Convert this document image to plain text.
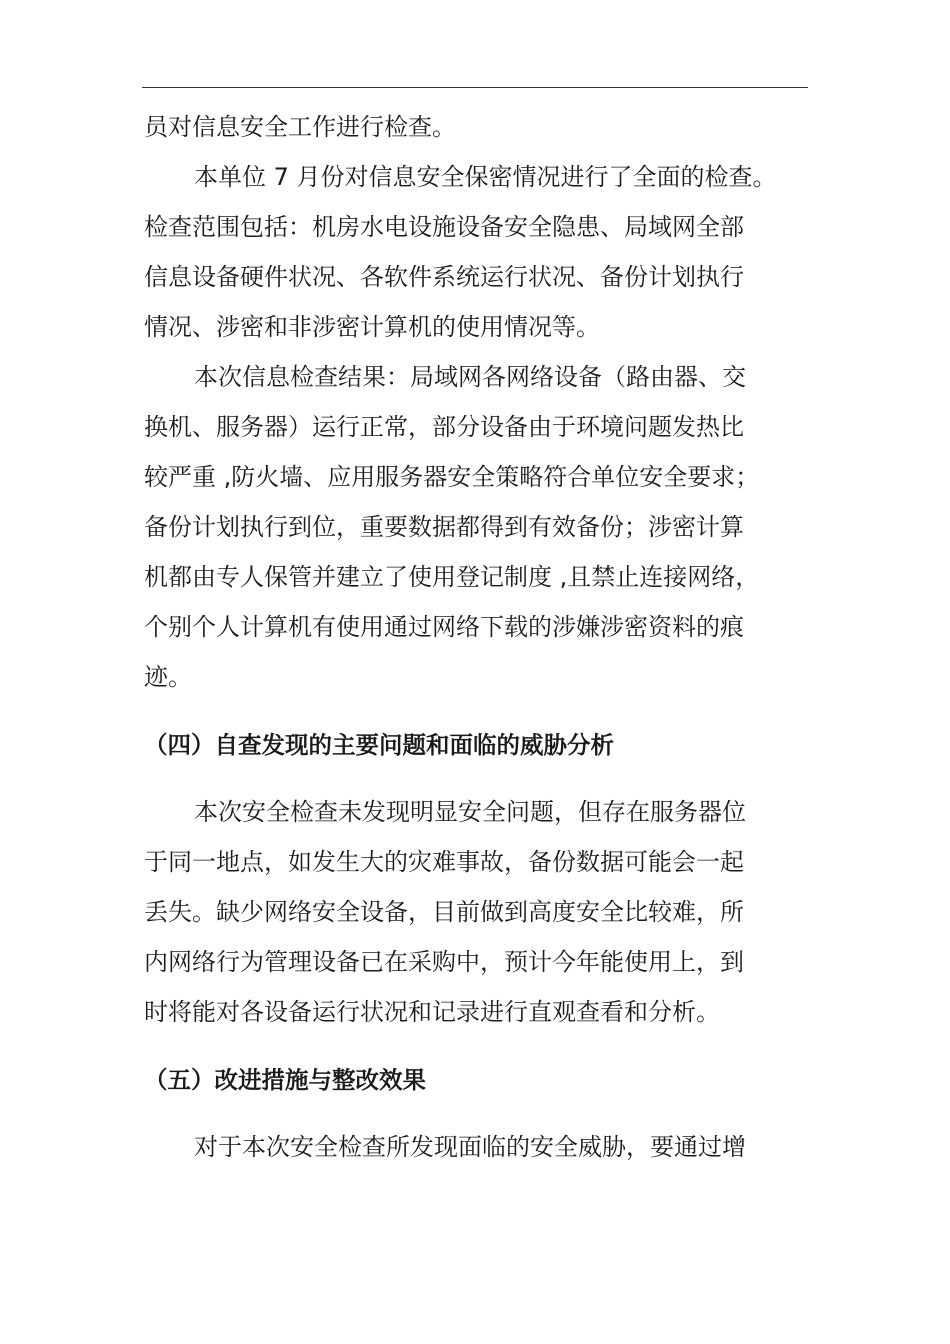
员对信息安全工作进行检查。
本单位 7 月份对信息安全保密情况进行了全面的检查。
检查范围包括：机房水电设施设备安全隐患、局域网全部
信息设备硬件状况、各软件系统运行状况、备份计划执行
情况、涉密和非涉密计算机的使用情况等。
本次信息检查结果：局域网各网络设备（路由器、交
换机、服务器）运行正常，部分设备由于环境问题发热比
较严重 ,防火墙、应用服务器安全策略符合单位安全要求；
备份计划执行到位，重要数据都得到有效备份；涉密计算
机都由专人保管并建立了使用登记制度 ,且禁止连接网络，
个别个人计算机有使用通过网络下载的涉嫌涉密资料的痕
迹。
（四）自查发现的主要问题和面临的威胁分析
本次安全检查未发现明显安全问题，但存在服务器位
于同一地点，如发生大的灾难事故，备份数据可能会一起
丢失。缺少网络安全设备，目前做到高度安全比较难，所
内网络行为管理设备已在采购中，预计今年能使用上，到
时将能对各设备运行状况和记录进行直观查看和分析。
（五）改进措施与整改效果
对于本次安全检查所发现面临的安全威胁，要通过增
